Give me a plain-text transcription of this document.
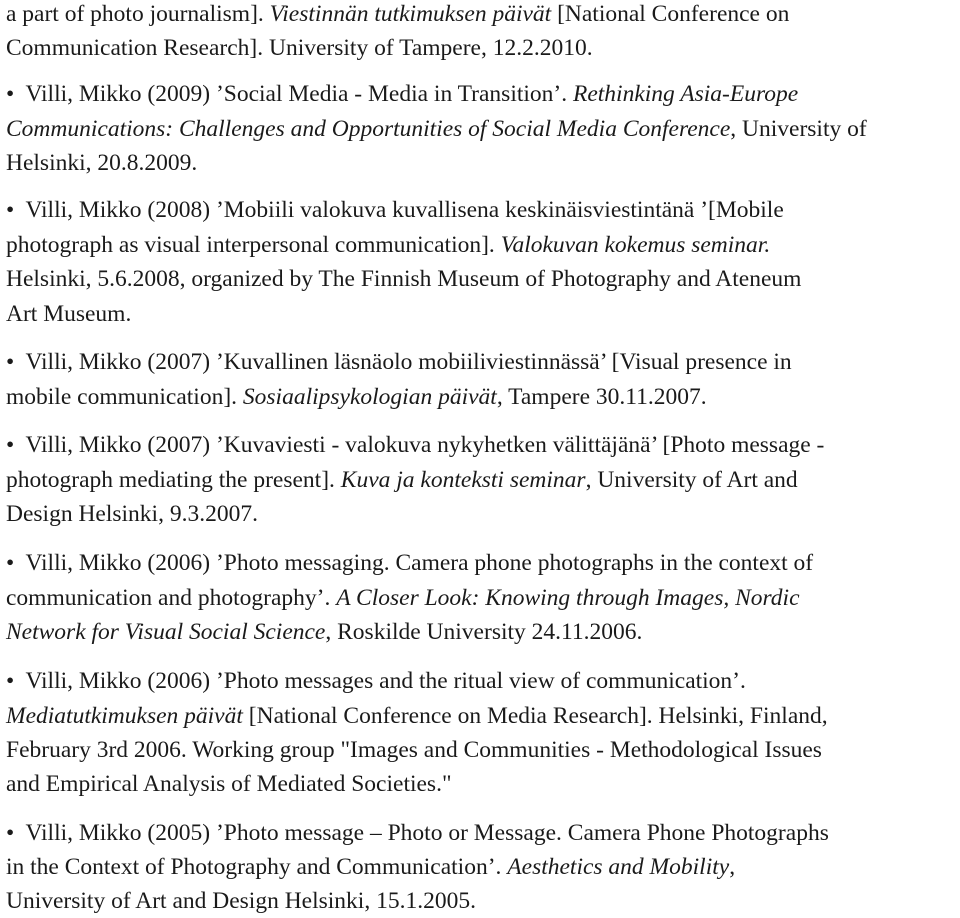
a part of photo journalism]. Viestinnän tutkimuksen päivät [National Conference on
Communication Research]. University of Tampere, 12.2.2010.
• Villi, Mikko (2009) ’Social Media - Media in Transition’. Rethinking Asia-Europe
Communications: Challenges and Opportunities of Social Media Conference, University of
Helsinki, 20.8.2009.
• Villi, Mikko (2008) ’Mobiili valokuva kuvallisena keskinäisviestintänä ’[Mobile
photograph as visual interpersonal communication]. Valokuvan kokemus seminar.
Helsinki, 5.6.2008, organized by The Finnish Museum of Photography and Ateneum
Art Museum.
• Villi, Mikko (2007) ’Kuvallinen läsnäolo mobiiliviestinnässä’ [Visual presence in
mobile communication]. Sosiaalipsykologian päivät, Tampere 30.11.2007.
• Villi, Mikko (2007) ’Kuvaviesti - valokuva nykyhetken välittäjänä’ [Photo message -
photograph mediating the present]. Kuva ja konteksti seminar, University of Art and
Design Helsinki, 9.3.2007.
• Villi, Mikko (2006) ’Photo messaging. Camera phone photographs in the context of
communication and photography’. A Closer Look: Knowing through Images, Nordic
Network for Visual Social Science, Roskilde University 24.11.2006.
• Villi, Mikko (2006) ’Photo messages and the ritual view of communication’.
Mediatutkimuksen päivät [National Conference on Media Research]. Helsinki, Finland,
February 3rd 2006. Working group "Images and Communities - Methodological Issues
and Empirical Analysis of Mediated Societies."
• Villi, Mikko (2005) ’Photo message – Photo or Message. Camera Phone Photographs
in the Context of Photography and Communication’. Aesthetics and Mobility,
University of Art and Design Helsinki, 15.1.2005.
